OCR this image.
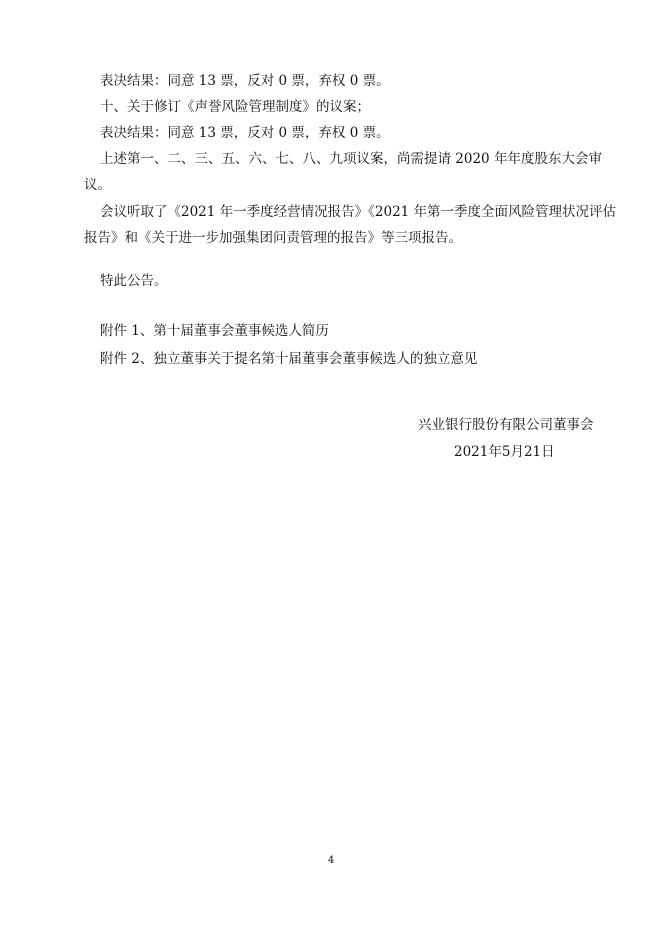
表决结果：同意 13 票，反对 0 票，弃权 0 票。
十、关于修订《声誉风险管理制度》的议案；
表决结果：同意 13 票，反对 0 票，弃权 0 票。
上述第一、二、三、五、六、七、八、九项议案，尚需提请 2020 年年度股东大会审
议。
会议听取了《2021 年一季度经营情况报告》《2021 年第一季度全面风险管理状况评估
报告》和《关于进一步加强集团问责管理的报告》等三项报告。
特此公告。
附件 1、第十届董事会董事候选人简历
附件 2、独立董事关于提名第十届董事会董事候选人的独立意见
兴业银行股份有限公司董事会
2021年5月21日
4
